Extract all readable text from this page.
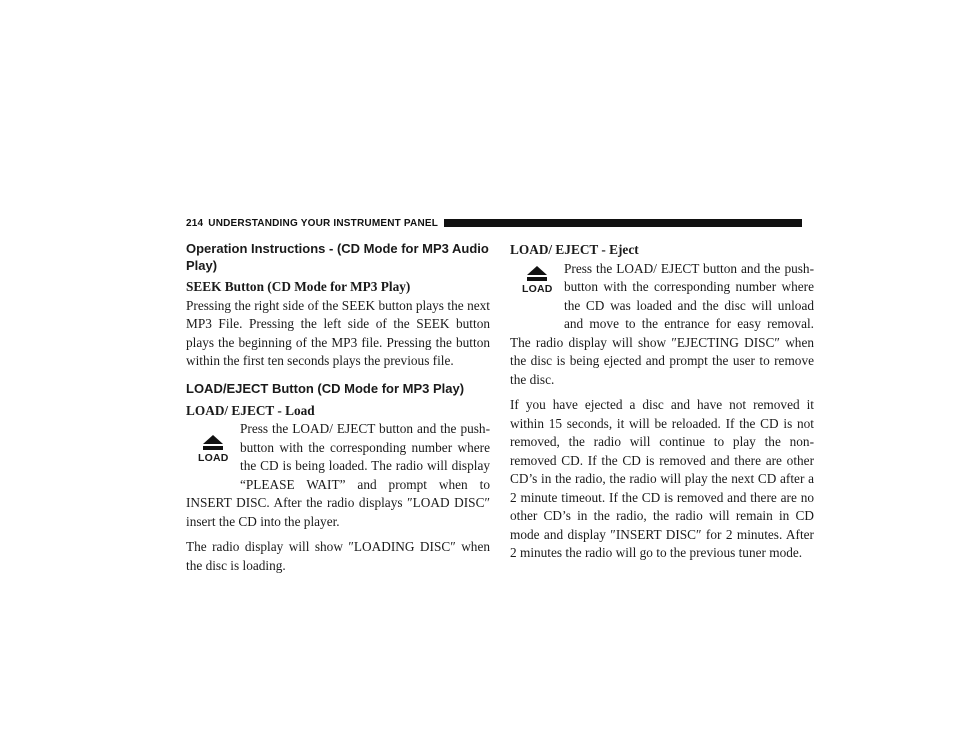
214 UNDERSTANDING YOUR INSTRUMENT PANEL
Operation Instructions - (CD Mode for MP3 Audio Play)
SEEK Button (CD Mode for MP3 Play)

Pressing the right side of the SEEK button plays the next MP3 File. Pressing the left side of the SEEK button plays the beginning of the MP3 file. Pressing the button within the first ten seconds plays the previous file.

LOAD/EJECT Button (CD Mode for MP3 Play)
LOAD/ EJECT - Load
LOAD
Press the LOAD/ EJECT button and the push-button with the corresponding number where the CD is being loaded. The radio will display “PLEASE WAIT” and prompt when to INSERT DISC. After the radio displays ″LOAD DISC″ insert the CD into the player.

The radio display will show ″LOADING DISC″ when the disc is loading.

LOAD/ EJECT - Eject
LOAD
Press the LOAD/ EJECT button and the push-button with the corresponding number where the CD was loaded and the disc will unload and move to the entrance for easy removal. The radio display will show ″EJECTING DISC″ when the disc is being ejected and prompt the user to remove the disc.

If you have ejected a disc and have not removed it within 15 seconds, it will be reloaded. If the CD is not removed, the radio will continue to play the non-removed CD. If the CD is removed and there are other CD’s in the radio, the radio will play the next CD after a 2 minute timeout. If the CD is removed and there are no other CD’s in the radio, the radio will remain in CD mode and display ″INSERT DISC″ for 2 minutes. After 2 minutes the radio will go to the previous tuner mode.
